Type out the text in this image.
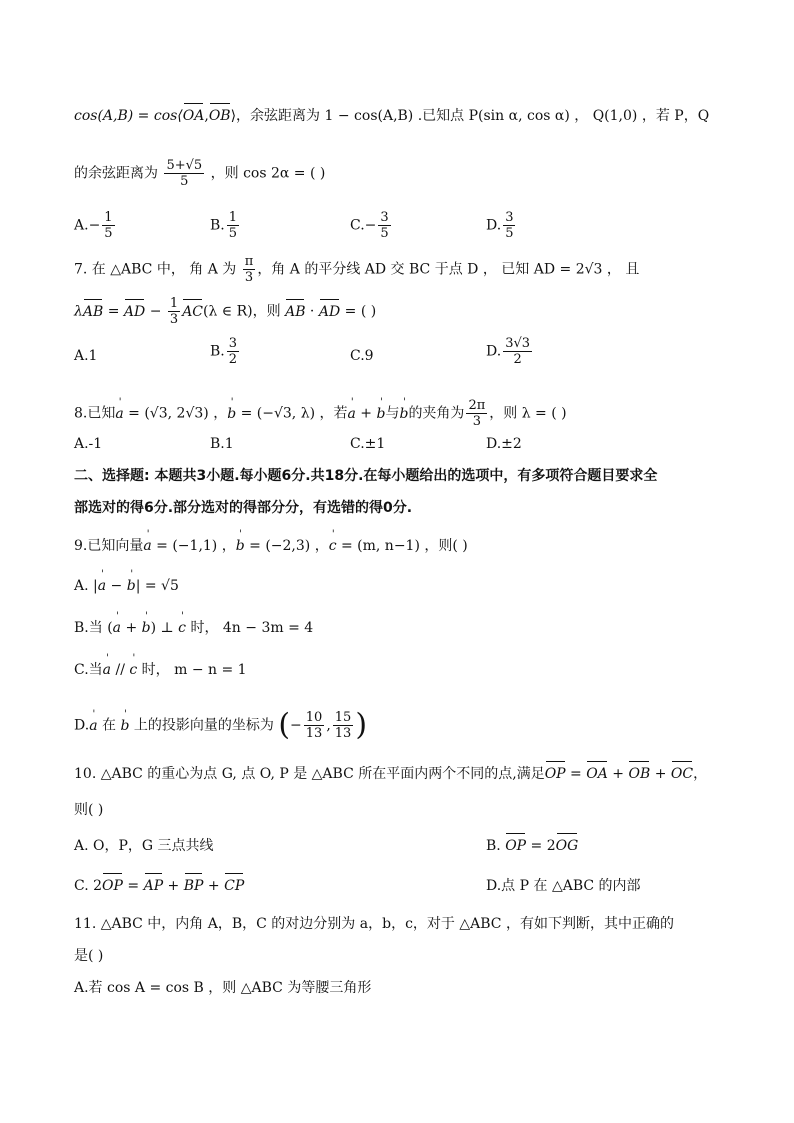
cos(A,B) = cos⟨OA,OB⟩，余弦距离为 1 − cos(A,B) .已知点 P(sin α, cos α) ， Q(1,0) ，若 P，Q
的余弦距离为 $\frac{5+√5}{5}$ ，则 cos 2α = ( )
$A.- \frac{1}{5}$	B. $\frac{1}{5}$	$C.- \frac{3}{5}$	D. $\frac{3}{5}$
7. 在 △ABC 中， 角 A 为 $\frac{\pi}{3}$ ，角 A 的平分线 AD 交 BC 于点 D ， 已知 AD = 2√3 ， 且
λAB = AD − $\frac{1}{3} AC(\lambda$ ∈ R)，则 AB · AD = ( )
A.1	B. $\frac{3}{2}$	C.9	D. $\frac{3√3}{2}$
8.已知' a = (√3, 2√3) ，' b = (−√3, λ) ，若' a + ' b与' b的夹角为 $\frac{2\pi}{3}$ ，则 λ = ( )
A.-1	B.1	C.±1	D.±2
二、选择题: 本题共3小题.每小题6分.共18分.在每小题给出的选项中，有多项符合题目要求全
部选对的得6分.部分选对的得部分分，有选错的得0分.
9.已知向量' a = (−1,1) ，' b = (−2,3) ，' c = (m, n−1) ，则( )
A. |' a − ' b| = √5
B.当 (' a + ' b) ⊥ ' c 时， 4n − 3m = 4
C.当' a // ' c 时， m − n = 1
D.' a 在 ' b 上的投影向量的坐标为 (− $\frac{10}{13}$ , $\frac{15}{13}$ )
10. △ABC 的重心为点 G, 点 O, P 是 △ABC 所在平面内两个不同的点,满足OP = OA + OB + OC，
则( )
A. O，P，G 三点共线	B. OP = 2OG
C. 2OP = AP + BP + CP	D.点 P 在 △ABC 的内部
11. △ABC 中，内角 A，B，C 的对边分别为 a，b，c，对于 △ABC ，有如下判断，其中正确的
是( )
A.若 cos A = cos B ，则 △ABC 为等腰三角形
